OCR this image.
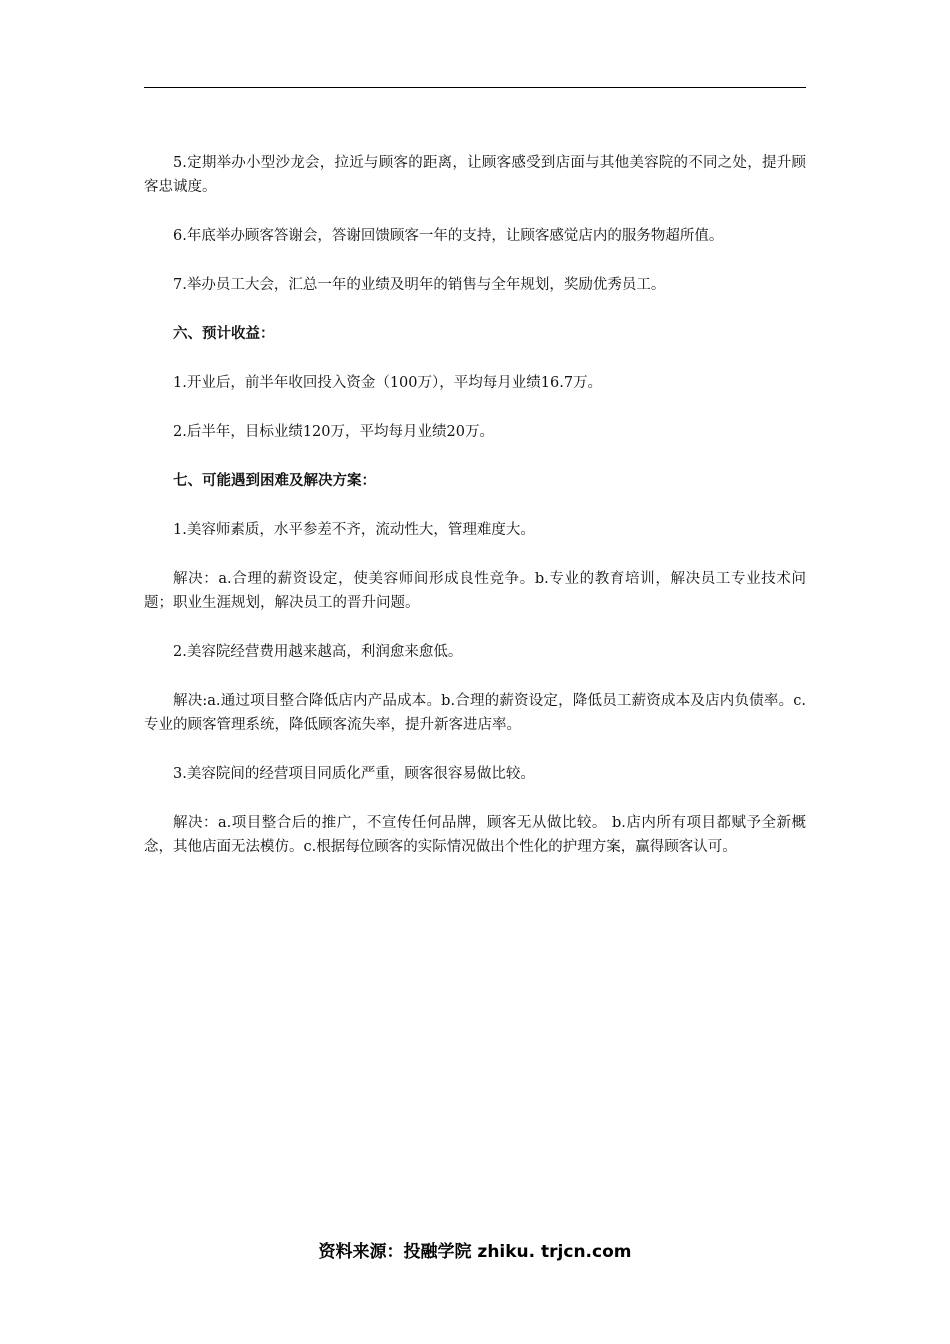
5.定期举办小型沙龙会，拉近与顾客的距离，让顾客感受到店面与其他美容院的不同之处，提升顾客忠诚度。

6.年底举办顾客答谢会，答谢回馈顾客一年的支持，让顾客感觉店内的服务物超所值。

7.举办员工大会，汇总一年的业绩及明年的销售与全年规划，奖励优秀员工。

六、预计收益：

1.开业后，前半年收回投入资金（100万），平均每月业绩16.7万。

2.后半年，目标业绩120万，平均每月业绩20万。

七、可能遇到困难及解决方案：

1.美容师素质，水平参差不齐，流动性大，管理难度大。

解决：a.合理的薪资设定，使美容师间形成良性竞争。b.专业的教育培训，解决员工专业技术问题；职业生涯规划，解决员工的晋升问题。

2.美容院经营费用越来越高，利润愈来愈低。

解决:a.通过项目整合降低店内产品成本。b.合理的薪资设定，降低员工薪资成本及店内负债率。c.专业的顾客管理系统，降低顾客流失率，提升新客进店率。

3.美容院间的经营项目同质化严重，顾客很容易做比较。

解决：a.项目整合后的推广，不宣传任何品牌，顾客无从做比较。 b.店内所有项目都赋予全新概念，其他店面无法模仿。c.根据每位顾客的实际情况做出个性化的护理方案，赢得顾客认可。

资料来源：投融学院 zhiku. trjcn.com
